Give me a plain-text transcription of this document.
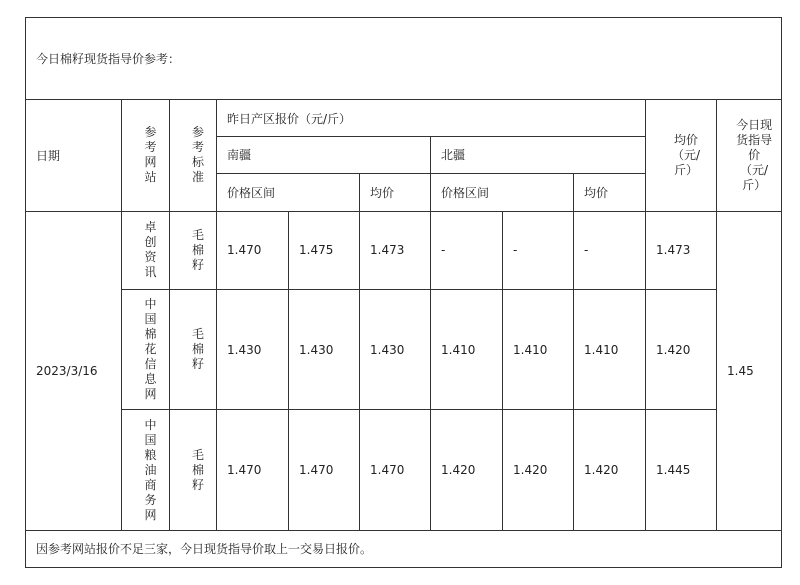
今日棉籽现货指导价参考：										
日期	参考网站	参考标准	昨日产区报价（元/斤）						均价（元/斤）	今日现货指导价（元/斤）
			南疆			北疆				
			价格区间		均价	价格区间		均价		
2023/3/16	卓创资讯	毛棉籽	1.470	1.475	1.473	-	-	-	1.473	1.45
	中国棉花信息网	毛棉籽	1.430	1.430	1.430	1.410	1.410	1.410	1.420	
	中国粮油商务网	毛棉籽	1.470	1.470	1.470	1.420	1.420	1.420	1.445	
因参考网站报价不足三家，今日现货指导价取上一交易日报价。										
